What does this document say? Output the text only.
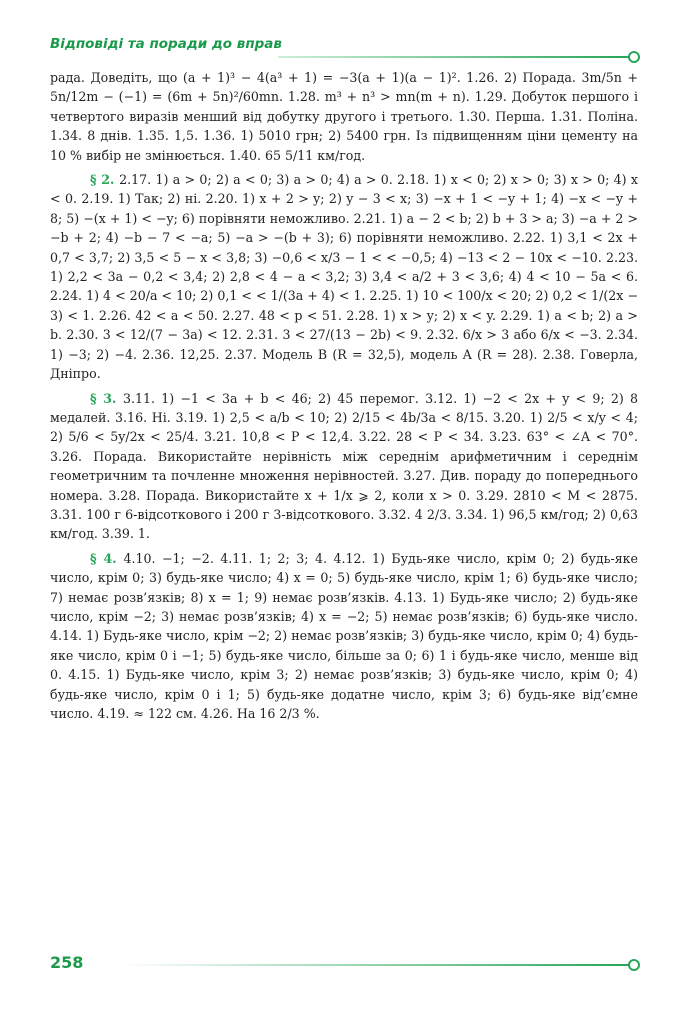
Відповіді та поради до вправ

рада. Доведіть, що (a + 1)³ − 4(a³ + 1) = −3(a + 1)(a − 1)². 1.26. 2) Порада. 3m/5n + 5n/12m − (−1) = (6m + 5n)²/60mn. 1.28. m³ + n³ > mn(m + n). 1.29. Добуток першого і четвертого виразів менший від добутку другого і третього. 1.30. Перша. 1.31. Поліна. 1.34. 8 днів. 1.35. 1,5. 1.36. 1) 5010 грн; 2) 5400 грн. Із підвищенням ціни цементу на 10 % вибір не змінюється. 1.40. 65 5/11 км/год.

§ 2. 2.17. 1) a > 0; 2) a < 0; 3) a > 0; 4) a > 0. 2.18. 1) x < 0; 2) x > 0; 3) x > 0; 4) x < 0. 2.19. 1) Так; 2) ні. 2.20. 1) x + 2 > y; 2) y − 3 < x; 3) −x + 1 < −y + 1; 4) −x < −y + 8; 5) −(x + 1) < −y; 6) порівняти неможливо. 2.21. 1) a − 2 < b; 2) b + 3 > a; 3) −a + 2 > −b + 2; 4) −b − 7 < −a; 5) −a > −(b + 3); 6) порівняти неможливо. 2.22. 1) 3,1 < 2x + 0,7 < 3,7; 2) 3,5 < 5 − x < 3,8; 3) −0,6 < x/3 − 1 < < −0,5; 4) −13 < 2 − 10x < −10. 2.23. 1) 2,2 < 3a − 0,2 < 3,4; 2) 2,8 < 4 − a < 3,2; 3) 3,4 < a/2 + 3 < 3,6; 4) 4 < 10 − 5a < 6. 2.24. 1) 4 < 20/a < 10; 2) 0,1 < < 1/(3a + 4) < 1. 2.25. 1) 10 < 100/x < 20; 2) 0,2 < 1/(2x − 3) < 1. 2.26. 42 < a < 50. 2.27. 48 < p < 51. 2.28. 1) x > y; 2) x < y. 2.29. 1) a < b; 2) a > b. 2.30. 3 < 12/(7 − 3a) < 12. 2.31. 3 < 27/(13 − 2b) < 9. 2.32. 6/x > 3 або 6/x < −3. 2.34. 1) −3; 2) −4. 2.36. 12,25. 2.37. Модель B (R = 32,5), модель A (R = 28). 2.38. Говерла, Дніпро.

§ 3. 3.11. 1) −1 < 3a + b < 46; 2) 45 перемог. 3.12. 1) −2 < 2x + y < 9; 2) 8 медалей. 3.16. Ні. 3.19. 1) 2,5 < a/b < 10; 2) 2/15 < 4b/3a < 8/15. 3.20. 1) 2/5 < x/y < 4; 2) 5/6 < 5y/2x < 25/4. 3.21. 10,8 < P < 12,4. 3.22. 28 < P < 34. 3.23. 63° < ∠A < 70°. 3.26. Порада. Використайте нерівність між середнім арифметичним і середнім геометричним та почленне множення нерівностей. 3.27. Див. пораду до попереднього номера. 3.28. Порада. Використайте x + 1/x ⩾ 2, коли x > 0. 3.29. 2810 < M < 2875. 3.31. 100 г 6-відсоткового і 200 г 3-відсоткового. 3.32. 4 2/3. 3.34. 1) 96,5 км/год; 2) 0,63 км/год. 3.39. 1.

§ 4. 4.10. −1; −2. 4.11. 1; 2; 3; 4. 4.12. 1) Будь-яке число, крім 0; 2) будь-яке число, крім 0; 3) будь-яке число; 4) x = 0; 5) будь-яке число, крім 1; 6) будь-яке число; 7) немає розв’язків; 8) x = 1; 9) немає розв’язків. 4.13. 1) Будь-яке число; 2) будь-яке число, крім −2; 3) немає розв’язків; 4) x = −2; 5) немає розв’язків; 6) будь-яке число. 4.14. 1) Будь-яке число, крім −2; 2) немає розв’язків; 3) будь-яке число, крім 0; 4) будь-яке число, крім 0 і −1; 5) будь-яке число, більше за 0; 6) 1 і будь-яке число, менше від 0. 4.15. 1) Будь-яке число, крім 3; 2) немає розв’язків; 3) будь-яке число, крім 0; 4) будь-яке число, крім 0 і 1; 5) будь-яке додатне число, крім 3; 6) будь-яке від’ємне число. 4.19. ≈ 122 см. 4.26. На 16 2/3 %.

258
